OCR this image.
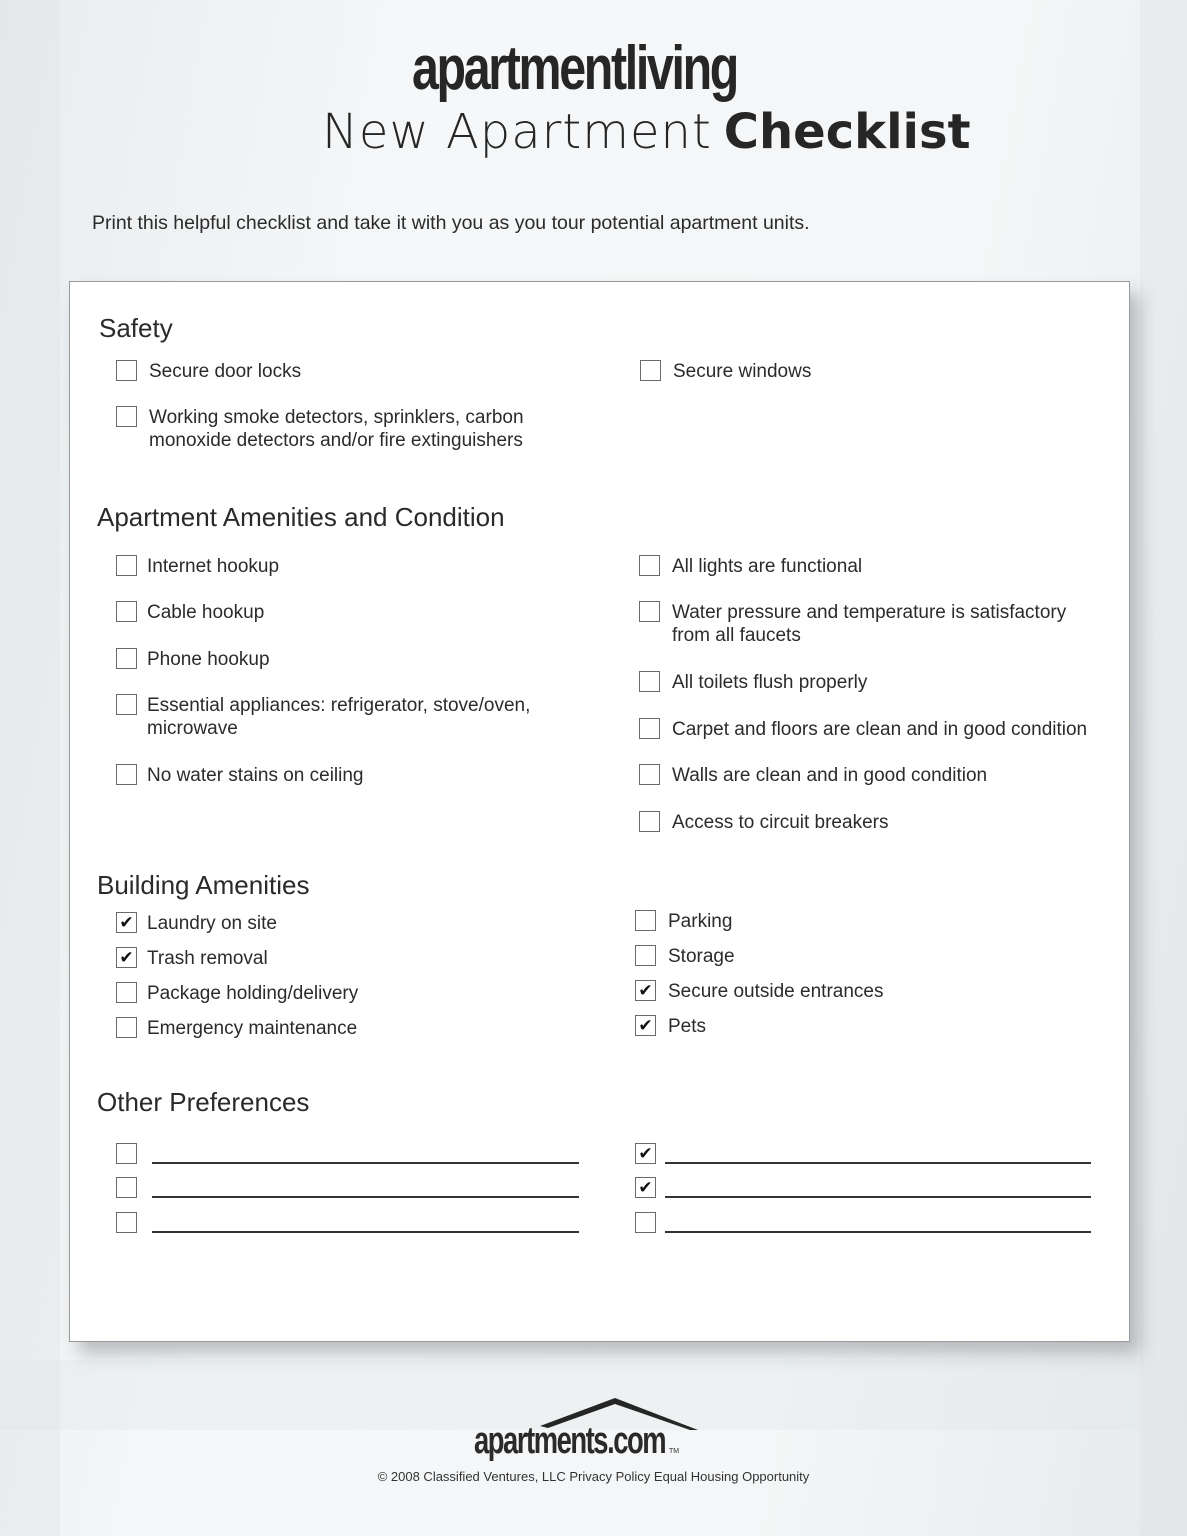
apartmentliving
New Apartment Checklist
Print this helpful checklist and take it with you as you tour potential apartment units.
Safety
Secure door locks
Working smoke detectors, sprinklers, carbon monoxide detectors and/or fire extinguishers
Secure windows
Apartment Amenities and Condition
Internet hookup
Cable hookup
Phone hookup
Essential appliances: refrigerator, stove/oven, microwave
No water stains on ceiling
All lights are functional
Water pressure and temperature is satisfactory from all faucets
All toilets flush properly
Carpet and floors are clean and in good condition
Walls are clean and in good condition
Access to circuit breakers
Building Amenities
✔ Laundry on site
✔ Trash removal
Package holding/delivery
Emergency maintenance
Parking
Storage
✔ Secure outside entrances
✔ Pets
Other Preferences
✔
✔
apartments.com TM
© 2008 Classified Ventures, LLC Privacy Policy Equal Housing Opportunity
